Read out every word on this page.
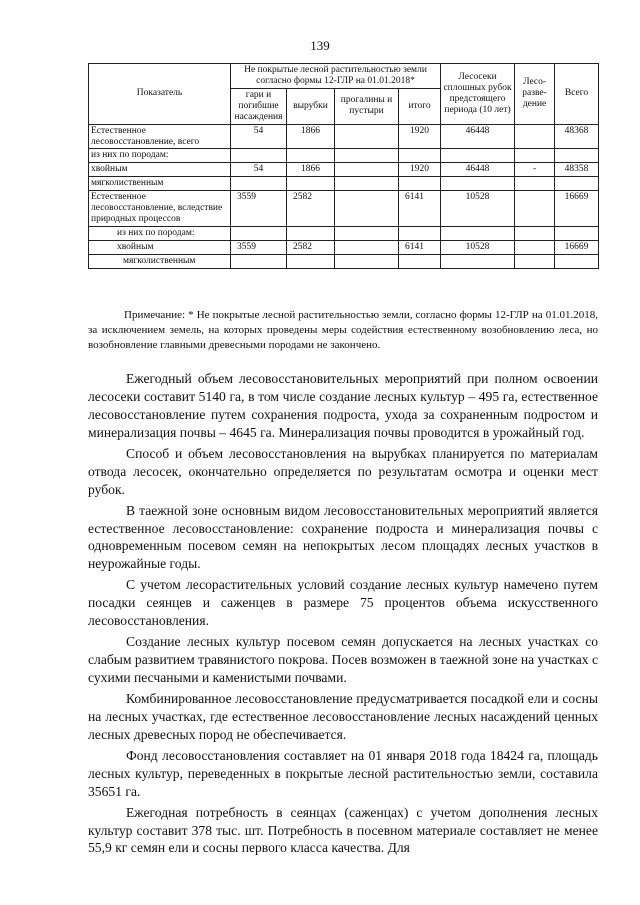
139
Показатель	Не покрытые лесной растительностью земли согласно формы 12-ГЛР на 01.01.2018*				Лесосеки сплошных рубок предстоящего периода (10 лет)	Лесо-разве-дение	Всего
	гари и погибшие насаждения	вырубки	прогалины и пустыри	итого			
Естественное лесовосстановление, всего	54	1866		1920	46448		48368
из них по породам:							
хвойным	54	1866		1920	46448	-	48358
мягколиственным							
Естественное лесовосстановление, вследствие природных процессов	3559	2582		6141	10528		16669
из них по породам:							
хвойным	3559	2582		6141	10528		16669
мягколиственным							
Примечание: * Не покрытые лесной растительностью земли, согласно формы 12-ГЛР на 01.01.2018, за исключением земель, на которых проведены меры содействия естественному возобновлению леса, но возобновление главными древесными породами не закончено.

Ежегодный объем лесовосстановительных мероприятий при полном освоении лесосеки составит 5140 га, в том числе создание лесных культур – 495 га, естественное лесовосстановление путем сохранения подроста, ухода за сохраненным подростом и минерализация почвы – 4645 га. Минерализация почвы проводится в урожайный год.

Способ и объем лесовосстановления на вырубках планируется по материалам отвода лесосек, окончательно определяется по результатам осмотра и оценки мест рубок.

В таежной зоне основным видом лесовосстановительных мероприятий является естественное лесовосстановление: сохранение подроста и минерализация почвы с одновременным посевом семян на непокрытых лесом площадях лесных участков в неурожайные годы.

С учетом лесорастительных условий создание лесных культур намечено путем посадки сеянцев и саженцев в размере 75 процентов объема искусственного лесовосстановления.

Создание лесных культур посевом семян допускается на лесных участках со слабым развитием травянистого покрова. Посев возможен в таежной зоне на участках с сухими песчаными и каменистыми почвами.

Комбинированное лесовосстановление предусматривается посадкой ели и сосны на лесных участках, где естественное лесовосстановление лесных насаждений ценных лесных древесных пород не обеспечивается.

Фонд лесовосстановления составляет на 01 января 2018 года 18424 га, площадь лесных культур, переведенных в покрытые лесной растительностью земли, составила 35651 га.

Ежегодная потребность в сеянцах (саженцах) с учетом дополнения лесных культур составит 378 тыс. шт. Потребность в посевном материале составляет не менее 55,9 кг семян ели и сосны первого класса качества. Для
